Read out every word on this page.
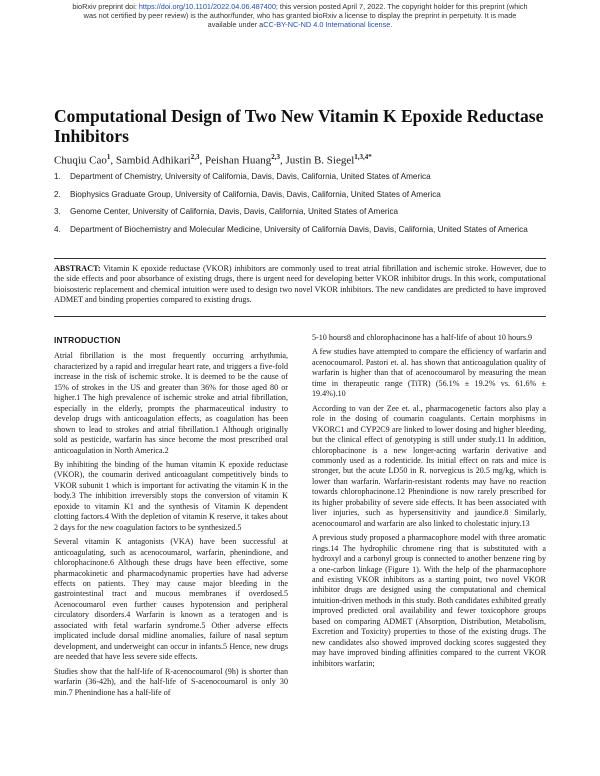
bioRxiv preprint doi: https://doi.org/10.1101/2022.04.06.487400; this version posted April 7, 2022. The copyright holder for this preprint (which
was not certified by peer review) is the author/funder, who has granted bioRxiv a license to display the preprint in perpetuity. It is made
available under aCC-BY-NC-ND 4.0 International license.
Computational Design of Two New Vitamin K Epoxide Reductase Inhibitors
Chuqiu Cao$^1$, Sambid Adhikari$^{2,3}$, Peishan Huang$^{2,3}$, Justin B. Siegel$^{1,3,4*}$
1.	Department of Chemistry, University of California, Davis, Davis, California, United States of America
2.	Biophysics Graduate Group, University of California, Davis, Davis, California, United States of America
3.	Genome Center, University of California, Davis, Davis, California, United States of America
4.	Department of Biochemistry and Molecular Medicine, University of California Davis, Davis, California, United States of America
ABSTRACT: Vitamin K epoxide reductase (VKOR) inhibitors are commonly used to treat atrial fibrillation and ischemic stroke. However, due to the side effects and poor absorbance of existing drugs, there is urgent need for developing better VKOR inhibitor drugs. In this work, computational bioisosteric replacement and chemical intuition were used to design two novel VKOR inhibitors. The new candidates are predicted to have improved ADMET and binding properties compared to existing drugs.
INTRODUCTION

Atrial fibrillation is the most frequently occurring arrhythmia, characterized by a rapid and irregular heart rate, and triggers a five-fold increase in the risk of ischemic stroke. It is deemed to be the cause of 15% of strokes in the US and greater than 36% for those aged 80 or higher.1 The high prevalence of ischemic stroke and atrial fibrillation, especially in the elderly, prompts the pharmaceutical industry to develop drugs with anticoagulation effects, as coagulation has been shown to lead to strokes and atrial fibrillation.1 Although originally sold as pesticide, warfarin has since become the most prescribed oral anticoagulation in North America.2

By inhibiting the binding of the human vitamin K epoxide reductase (VKOR), the coumarin derived anticoagulant competitively binds to VKOR subunit 1 which is important for activating the vitamin K in the body.3 The inhibition irreversibly stops the conversion of vitamin K epoxide to vitamin K1 and the synthesis of Vitamin K dependent clotting factors.4 With the depletion of vitamin K reserve, it takes about 2 days for the new coagulation factors to be synthesized.5

Several vitamin K antagonists (VKA) have been successful at anticoagulating, such as acenocoumarol, warfarin, phenindione, and chlorophacinone.6 Although these drugs have been effective, some pharmacokinetic and pharmacodynamic properties have had adverse effects on patients. They may cause major bleeding in the gastrointestinal tract and mucous membranes if overdosed.5 Acenocoumarol even further causes hypotension and peripheral circulatory disorders.4 Warfarin is known as a teratogen and is associated with fetal warfarin syndrome.5 Other adverse effects implicated include dorsal midline anomalies, failure of nasal septum development, and underweight can occur in infants.5 Hence, new drugs are needed that have less severe side effects.

Studies show that the half-life of R-acenocoumarol (9h) is shorter than warfarin (36-42h), and the half-life of S-acenocoumarol is only 30 min.7 Phenindione has a half-life of

5-10 hours8 and chlorophacinone has a half-life of about 10 hours.9

A few studies have attempted to compare the efficiency of warfarin and acenocoumarol. Pastori et. al. has shown that anticoagulation quality of warfarin is higher than that of acenocoumarol by measuring the mean time in therapeutic range (TiTR) (56.1% ± 19.2% vs. 61.6% ± 19.4%).10

According to van der Zee et. al., pharmacogenetic factors also play a role in the dosing of coumarin coagulants. Certain morphisms in VKORC1 and CYP2C9 are linked to lower dosing and higher bleeding, but the clinical effect of genotyping is still under study.11 In addition, chlorophacinone is a new longer-acting warfarin derivative and commonly used as a rodenticide. Its initial effect on rats and mice is stronger, but the acute LD50 in R. norvegicus is 20.5 mg/kg, which is lower than warfarin. Warfarin-resistant rodents may have no reaction towards chlorophacinone.12 Phenindione is now rarely prescribed for its higher probability of severe side effects. It has been associated with liver injuries, such as hypersensitivity and jaundice.8 Similarly, acenocoumarol and warfarin are also linked to cholestatic injury.13

A previous study proposed a pharmacophore model with three aromatic rings.14 The hydrophilic chromene ring that is substituted with a hydroxyl and a carbonyl group is connected to another benzene ring by a one-carbon linkage (Figure 1). With the help of the pharmacophore and existing VKOR inhibitors as a starting point, two novel VKOR inhibitor drugs are designed using the computational and chemical intuition-driven methods in this study. Both candidates exhibited greatly improved predicted oral availability and fewer toxicophore groups based on comparing ADMET (Absorption, Distribution, Metabolism, Excretion and Toxicity) properties to those of the existing drugs. The new candidates also showed improved docking scores suggested they may have improved binding affinities compared to the current VKOR inhibitors warfarin;
